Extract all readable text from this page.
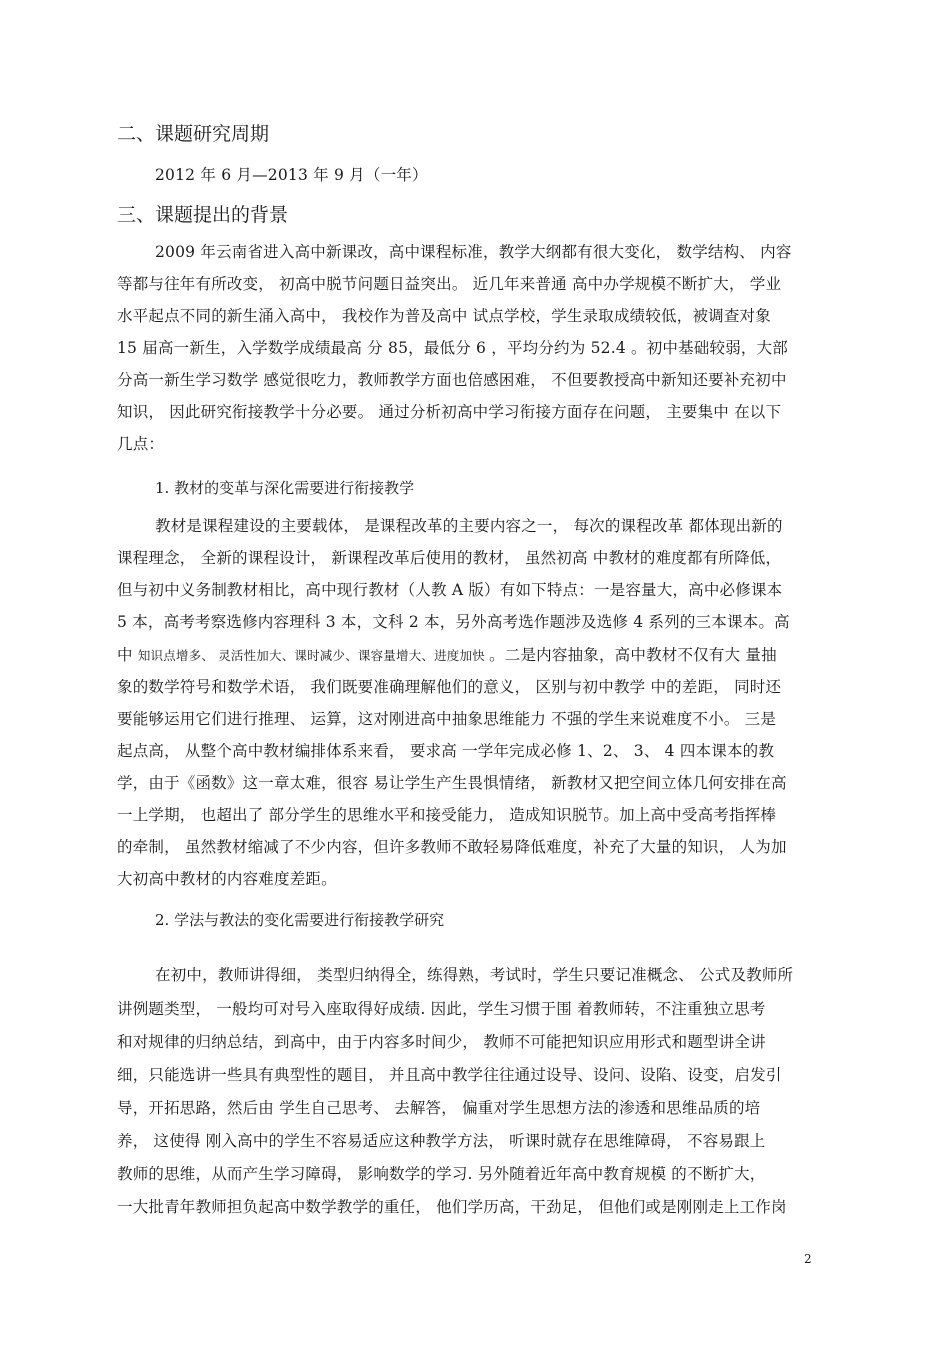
二、课题研究周期
2012 年 6 月—2013 年 9 月（一年）
三、课题提出的背景
2009 年云南省进入高中新课改，高中课程标准，教学大纲都有很大变化， 数学结构、 内容
等都与往年有所改变， 初高中脱节问题日益突出。 近几年来普通 高中办学规模不断扩大， 学业
水平起点不同的新生涌入高中， 我校作为普及高中 试点学校，学生录取成绩较低，被调查对象
15 届高一新生，入学数学成绩最高 分 85，最低分 6 ，平均分约为 52.4 。初中基础较弱，大部
分高一新生学习数学 感觉很吃力，教师教学方面也倍感困难， 不但要教授高中新知还要补充初中
知识， 因此研究衔接教学十分必要。 通过分析初高中学习衔接方面存在问题， 主要集中 在以下
几点：
1. 教材的变革与深化需要进行衔接教学
教材是课程建设的主要载体， 是课程改革的主要内容之一， 每次的课程改革 都体现出新的
课程理念， 全新的课程设计， 新课程改革后使用的教材， 虽然初高 中教材的难度都有所降低，
但与初中义务制教材相比，高中现行教材（人教 A 版）有如下特点：一是容量大，高中必修课本
5 本，高考考察选修内容理科 3 本，文科 2 本，另外高考选作题涉及选修 4 系列的三本课本。高
中 知识点增多、 灵活性加大、课时减少、课容量增大、进度加快 。二是内容抽象，高中教材不仅有大 量抽
象的数学符号和数学术语， 我们既要准确理解他们的意义， 区别与初中教学 中的差距， 同时还
要能够运用它们进行推理、 运算，这对刚进高中抽象思维能力 不强的学生来说难度不小。 三是
起点高， 从整个高中教材编排体系来看， 要求高 一学年完成必修 1、2、 3、 4 四本课本的教
学，由于《函数》这一章太难，很容 易让学生产生畏惧情绪， 新教材又把空间立体几何安排在高
一上学期， 也超出了 部分学生的思维水平和接受能力， 造成知识脱节。加上高中受高考指挥棒
的牵制， 虽然教材缩减了不少内容，但许多教师不敢轻易降低难度，补充了大量的知识， 人为加
大初高中教材的内容难度差距。
2. 学法与教法的变化需要进行衔接教学研究
在初中，教师讲得细， 类型归纳得全，练得熟，考试时，学生只要记准概念、 公式及教师所
讲例题类型， 一般均可对号入座取得好成绩. 因此，学生习惯于围 着教师转，不注重独立思考
和对规律的归纳总结，到高中，由于内容多时间少， 教师不可能把知识应用形式和题型讲全讲
细，只能选讲一些具有典型性的题目， 并且高中教学往往通过设导、设问、设陷、设变，启发引
导，开拓思路，然后由 学生自己思考、 去解答， 偏重对学生思想方法的渗透和思维品质的培
养， 这使得 刚入高中的学生不容易适应这种教学方法， 听课时就存在思维障碍， 不容易跟上
教师的思维，从而产生学习障碍， 影响数学的学习. 另外随着近年高中教育规模 的不断扩大，
一大批青年教师担负起高中数学教学的重任， 他们学历高，干劲足， 但他们或是刚刚走上工作岗
2
